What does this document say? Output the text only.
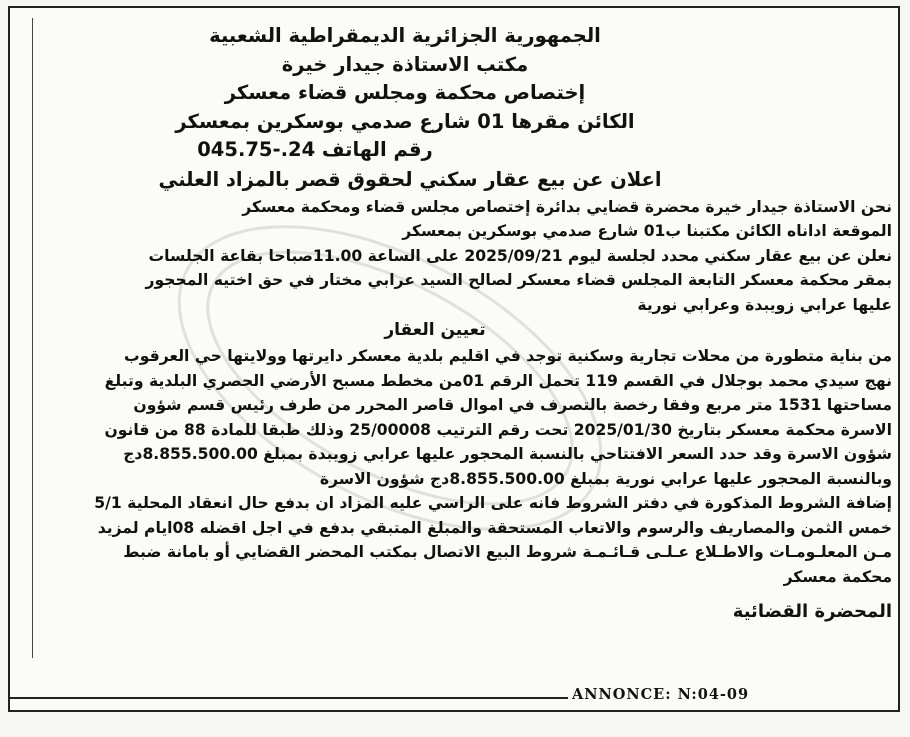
الجمهورية الجزائرية الديمقراطية الشعبية

مكتب الاستاذة جيدار خيرة

إختصاص محكمة ومجلس قضاء معسكر

الكائن مقرها 01 شارع صدمي بوسكرين بمعسكر

رقم الهاتف 24.-045.75

اعلان عن بيع عقار سكني لحقوق قصر بالمزاد العلني

نحن الاستاذة جيدار خيرة محضرة قضايي بدائرة إختصاص مجلس قضاء ومحكمة معسكر
الموقعة اداناه الكائن مكتبنا ب01 شارع صدمي بوسكرين بمعسكر
نعلن عن بيع عقار سكني محدد لجلسة ليوم 2025/09/21 على الساعة 11.00صباحا بقاعة الجلسات
بمقر محكمة معسكر التابعة المجلس قضاء معسكر لصالح السيد عرابي مختار في حق اختيه المحجور
عليها عرابي زويبدة وعرابي نورية

تعيين العقار

من بناية متطورة من محلات تجارية وسكنية توجد في اقليم بلدية معسكر دايرتها وولايتها حي العرقوب
نهج سيدي محمد بوجلال في القسم 119 تحمل الرقم 01من مخطط مسبح الأرضي الحصري البلدية وتبلغ
مساحتها 1531 متر مربع وفقا رخصة بالتصرف في اموال قاصر المحرر من طرف رئيس قسم شؤون
الاسرة محكمة معسكر بتاريخ 2025/01/30 تحت رقم الترتيب 25/00008 وذلك طبقا للمادة 88 من قانون
شؤون الاسرة وقد حدد السعر الافتتاحي بالنسبة المحجور عليها عرابي زويبدة بمبلغ 8.855.500.00دج
وبالنسبة المحجور عليها عرابي نورية بمبلغ 8.855.500.00دج شؤون الاسرة
إضافة الشروط المذكورة في دفتر الشروط فانه على الراسي عليه المزاد ان بدفع حال انعقاد المحلية 5/1
خمس الثمن والمصاريف والرسوم والاتعاب المستحقة والمبلغ المتبقي بدفع في اجل اقضله 08ايام لمزيد
مـن المعلـومـات والاطـلاع عـلـى قـائـمـة شروط البيع الاتصال بمكتب المحضر القضايي أو بامانة ضبط
محكمة معسكر
المحضرة القضائية
ANNONCE: N:04-09
